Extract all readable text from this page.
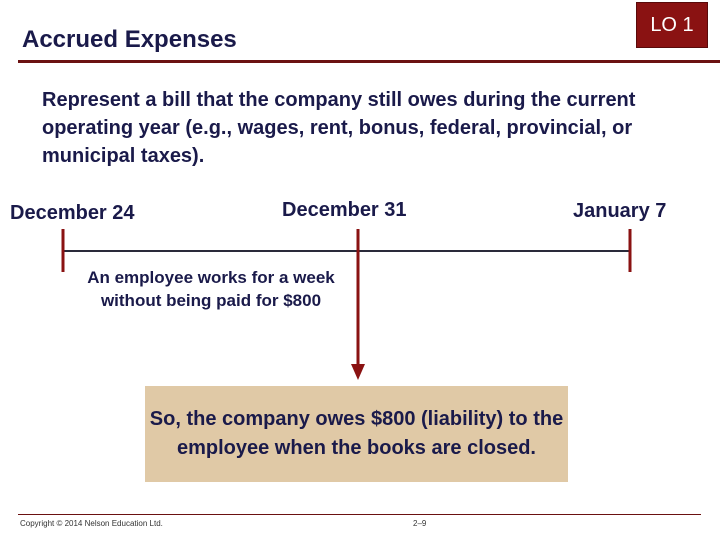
Accrued Expenses
LO 1
Represent a bill that the company still owes during the current operating year (e.g., wages, rent, bonus, federal, provincial, or municipal taxes).
December 24	December 31	January 7
An employee works for a week without being paid for $800
So, the company owes $800 (liability) to the employee when the books are closed.
Copyright © 2014 Nelson Education Ltd.	2–9
